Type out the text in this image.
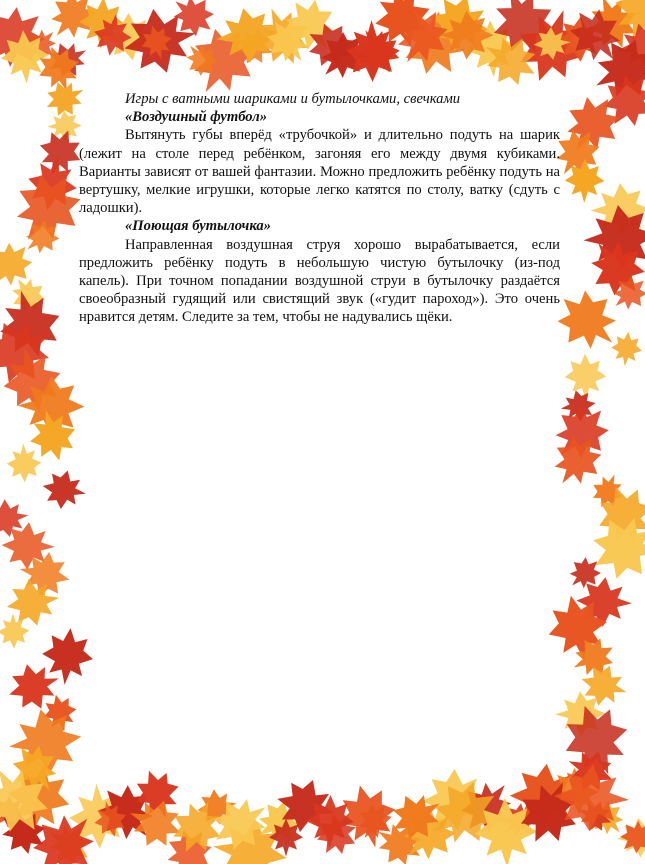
Игры с ватными шариками и бутылочками, свечками

«Воздушный футбол»

Вытянуть губы вперёд «трубочкой» и длительно подуть на шарик (лежит на столе перед ребёнком, загоняя его между двумя кубиками. Варианты зависят от вашей фантазии. Можно предложить ребёнку подуть на вертушку, мелкие игрушки, которые легко катятся по столу, ватку (сдуть с ладошки).

«Поющая бутылочка»

Направленная воздушная струя хорошо вырабатывается, если предложить ребёнку подуть в небольшую чистую бутылочку (из-под капель). При точном попадании воздушной струи в бутылочку раздаётся своеобразный гудящий или свистящий звук («гудит пароход»). Это очень нравится детям. Следите за тем, чтобы не надувались щёки.
